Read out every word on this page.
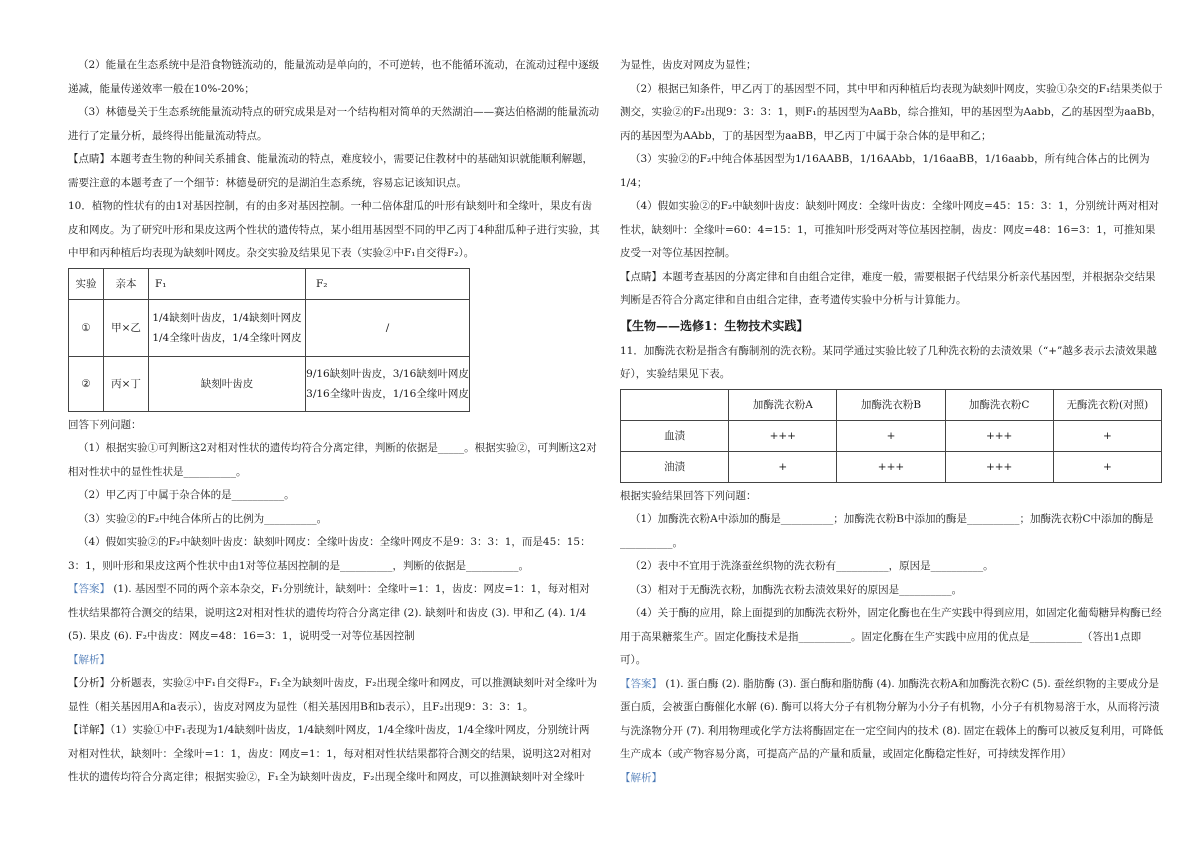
（2）能量在生态系统中是沿食物链流动的，能量流动是单向的，不可逆转，也不能循环流动，在流动过程中逐级递减，能量传递效率一般在10%-20%；

（3）林德曼关于生态系统能量流动特点的研究成果是对一个结构相对简单的天然湖泊——赛达伯格湖的能量流动进行了定量分析，最终得出能量流动特点。

【点睛】本题考查生物的种间关系捕食、能量流动的特点，难度较小，需要记住教材中的基础知识就能顺利解题，需要注意的本题考查了一个细节：林德曼研究的是湖泊生态系统，容易忘记该知识点。

10．植物的性状有的由1对基因控制，有的由多对基因控制。一种二倍体甜瓜的叶形有缺刻叶和全缘叶，果皮有齿皮和网皮。为了研究叶形和果皮这两个性状的遗传特点，某小组用基因型不同的甲乙丙丁4种甜瓜种子进行实验，其中甲和丙种植后均表现为缺刻叶网皮。杂交实验及结果见下表（实验②中F₁自交得F₂）。

实验	亲本	F₁	F₂
①	甲×乙	1/4缺刻叶齿皮，1/4缺刻叶网皮
1/4全缘叶齿皮，1/4全缘叶网皮	/
②	丙×丁	缺刻叶齿皮	9/16缺刻叶齿皮，3/16缺刻叶网皮
3/16全缘叶齿皮，1/16全缘叶网皮

回答下列问题：

（1）根据实验①可判断这2对相对性状的遗传均符合分离定律，判断的依据是_____。根据实验②，可判断这2对相对性状中的显性性状是__________。

（2）甲乙丙丁中属于杂合体的是__________。

（3）实验②的F₂中纯合体所占的比例为__________。

（4）假如实验②的F₂中缺刻叶齿皮：缺刻叶网皮：全缘叶齿皮：全缘叶网皮不是9：3：3：1，而是45：15：3：1，则叶形和果皮这两个性状中由1对等位基因控制的是__________，判断的依据是__________。

【答案】 (1). 基因型不同的两个亲本杂交，F₁分别统计，缺刻叶：全缘叶=1：1，齿皮：网皮=1：1，每对相对性状结果都符合测交的结果，说明这2对相对性状的遗传均符合分离定律 (2). 缺刻叶和齿皮 (3). 甲和乙 (4). 1/4 (5). 果皮 (6). F₂中齿皮：网皮=48：16=3：1，说明受一对等位基因控制

【解析】

【分析】分析题表，实验②中F₁自交得F₂，F₁全为缺刻叶齿皮，F₂出现全缘叶和网皮，可以推测缺刻叶对全缘叶为显性（相关基因用A和a表示），齿皮对网皮为显性（相关基因用B和b表示），且F₂出现9：3：3：1。

【详解】（1）实验①中F₁表现为1/4缺刻叶齿皮，1/4缺刻叶网皮，1/4全缘叶齿皮，1/4全缘叶网皮，分别统计两对相对性状，缺刻叶：全缘叶=1：1，齿皮：网皮=1：1，每对相对性状结果都符合测交的结果，说明这2对相对性状的遗传均符合分离定律；根据实验②，F₁全为缺刻叶齿皮，F₂出现全缘叶和网皮，可以推测缺刻叶对全缘叶

为显性，齿皮对网皮为显性；

（2）根据已知条件，甲乙丙丁的基因型不同，其中甲和丙种植后均表现为缺刻叶网皮，实验①杂交的F₁结果类似于测交，实验②的F₂出现9：3：3：1，则F₁的基因型为AaBb，综合推知，甲的基因型为Aabb，乙的基因型为aaBb，丙的基因型为AAbb，丁的基因型为aaBB，甲乙丙丁中属于杂合体的是甲和乙；

（3）实验②的F₂中纯合体基因型为1/16AABB，1/16AAbb，1/16aaBB，1/16aabb，所有纯合体占的比例为1/4；

（4）假如实验②的F₂中缺刻叶齿皮：缺刻叶网皮：全缘叶齿皮：全缘叶网皮=45：15：3：1，分别统计两对相对性状，缺刻叶：全缘叶=60：4=15：1，可推知叶形受两对等位基因控制，齿皮：网皮=48：16=3：1，可推知果皮受一对等位基因控制。

【点睛】本题考查基因的分离定律和自由组合定律，难度一般，需要根据子代结果分析亲代基因型，并根据杂交结果判断是否符合分离定律和自由组合定律，查考遗传实验中分析与计算能力。

【生物——选修1：生物技术实践】

11．加酶洗衣粉是指含有酶制剂的洗衣粉。某同学通过实验比较了几种洗衣粉的去渍效果（“+”越多表示去渍效果越好），实验结果见下表。

	加酶洗衣粉A	加酶洗衣粉B	加酶洗衣粉C	无酶洗衣粉(对照)
血渍	+++	+	+++	+
油渍	+	+++	+++	+

根据实验结果回答下列问题：

（1）加酶洗衣粉A中添加的酶是__________；加酶洗衣粉B中添加的酶是__________；加酶洗衣粉C中添加的酶是__________。

（2）表中不宜用于洗涤蚕丝织物的洗衣粉有__________，原因是__________。

（3）相对于无酶洗衣粉，加酶洗衣粉去渍效果好的原因是__________。

（4）关于酶的应用，除上面提到的加酶洗衣粉外，固定化酶也在生产实践中得到应用，如固定化葡萄糖异构酶已经用于高果糖浆生产。固定化酶技术是指__________。固定化酶在生产实践中应用的优点是__________（答出1点即可）。

【答案】 (1). 蛋白酶 (2). 脂肪酶 (3). 蛋白酶和脂肪酶 (4). 加酶洗衣粉A和加酶洗衣粉C (5). 蚕丝织物的主要成分是蛋白质，会被蛋白酶催化水解 (6). 酶可以将大分子有机物分解为小分子有机物，小分子有机物易溶于水，从而将污渍与洗涤物分开 (7). 利用物理或化学方法将酶固定在一定空间内的技术 (8). 固定在载体上的酶可以被反复利用，可降低生产成本（或产物容易分离，可提高产品的产量和质量，或固定化酶稳定性好，可持续发挥作用）

【解析】
